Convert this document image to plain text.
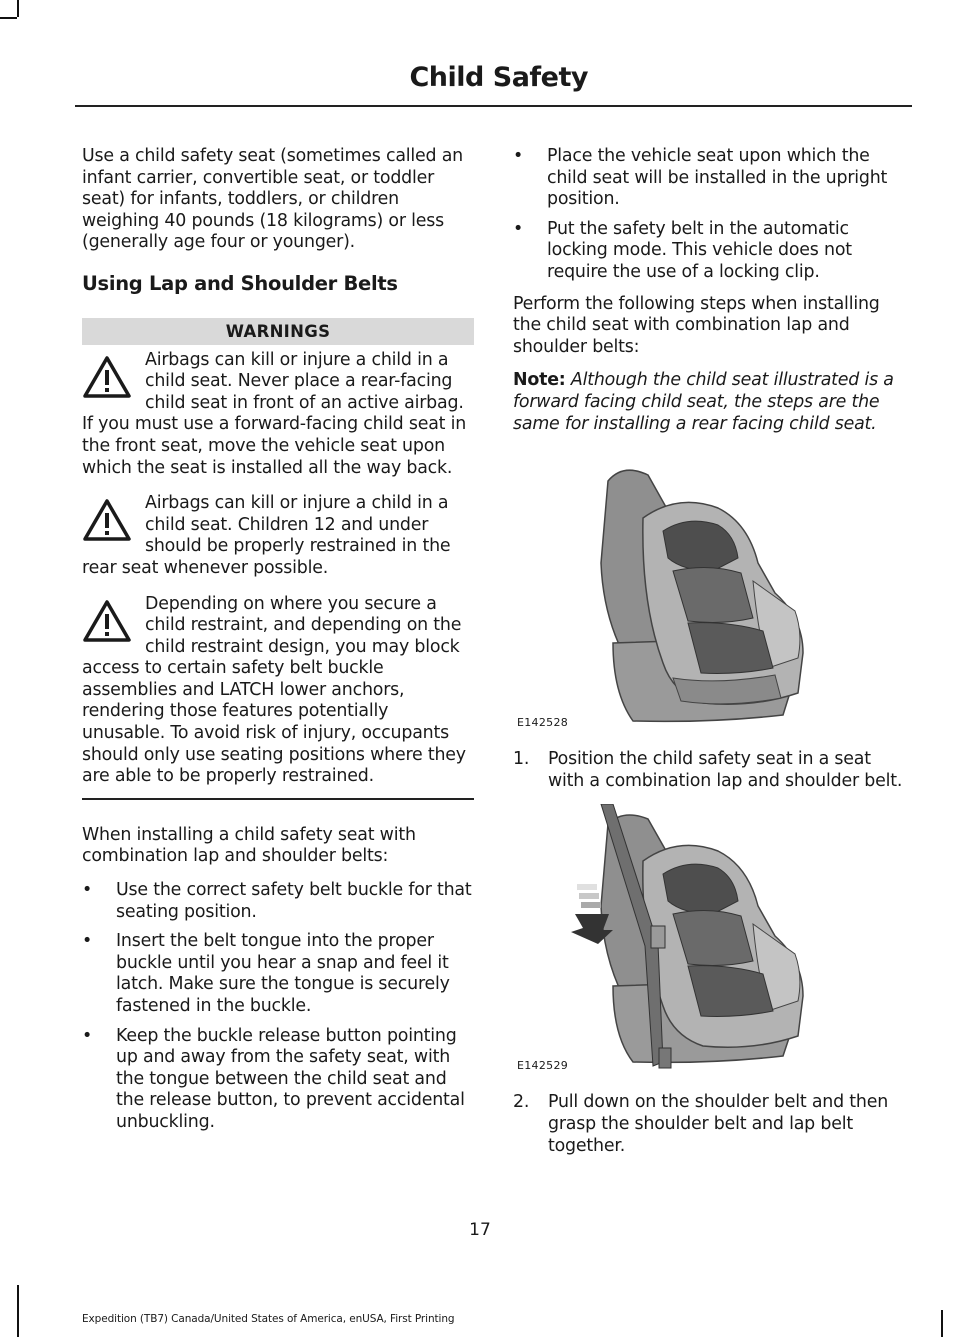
Child Safety

Use a child safety seat (sometimes called an infant carrier, convertible seat, or toddler seat) for infants, toddlers, or children weighing 40 pounds (18 kilograms) or less (generally age four or younger).

Using Lap and Shoulder Belts
WARNINGS
Airbags can kill or injure a child in a child seat. Never place a rear-facing child seat in front of an active airbag. If you must use a forward-facing child seat in the front seat, move the vehicle seat upon which the seat is installed all the way back.
Airbags can kill or injure a child in a child seat. Children 12 and under should be properly restrained in the rear seat whenever possible.
Depending on where you secure a child restraint, and depending on the child restraint design, you may block access to certain safety belt buckle assemblies and LATCH lower anchors, rendering those features potentially unusable. To avoid risk of injury, occupants should only use seating positions where they are able to be properly restrained.

When installing a child safety seat with combination lap and shoulder belts:

• Use the correct safety belt buckle for that seating position.
• Insert the belt tongue into the proper buckle until you hear a snap and feel it latch. Make sure the tongue is securely fastened in the buckle.
• Keep the buckle release button pointing up and away from the safety seat, with the tongue between the child seat and the release button, to prevent accidental unbuckling.
• Place the vehicle seat upon which the child seat will be installed in the upright position.
• Put the safety belt in the automatic locking mode. This vehicle does not require the use of a locking clip.

Perform the following steps when installing the child seat with combination lap and shoulder belts:

Note: Although the child seat illustrated is a forward facing child seat, the steps are the same for installing a rear facing child seat.

E142528
1. Position the child safety seat in a seat with a combination lap and shoulder belt.
E142529
2. Pull down on the shoulder belt and then grasp the shoulder belt and lap belt together.
17
Expedition (TB7) Canada/United States of America, enUSA, First Printing
